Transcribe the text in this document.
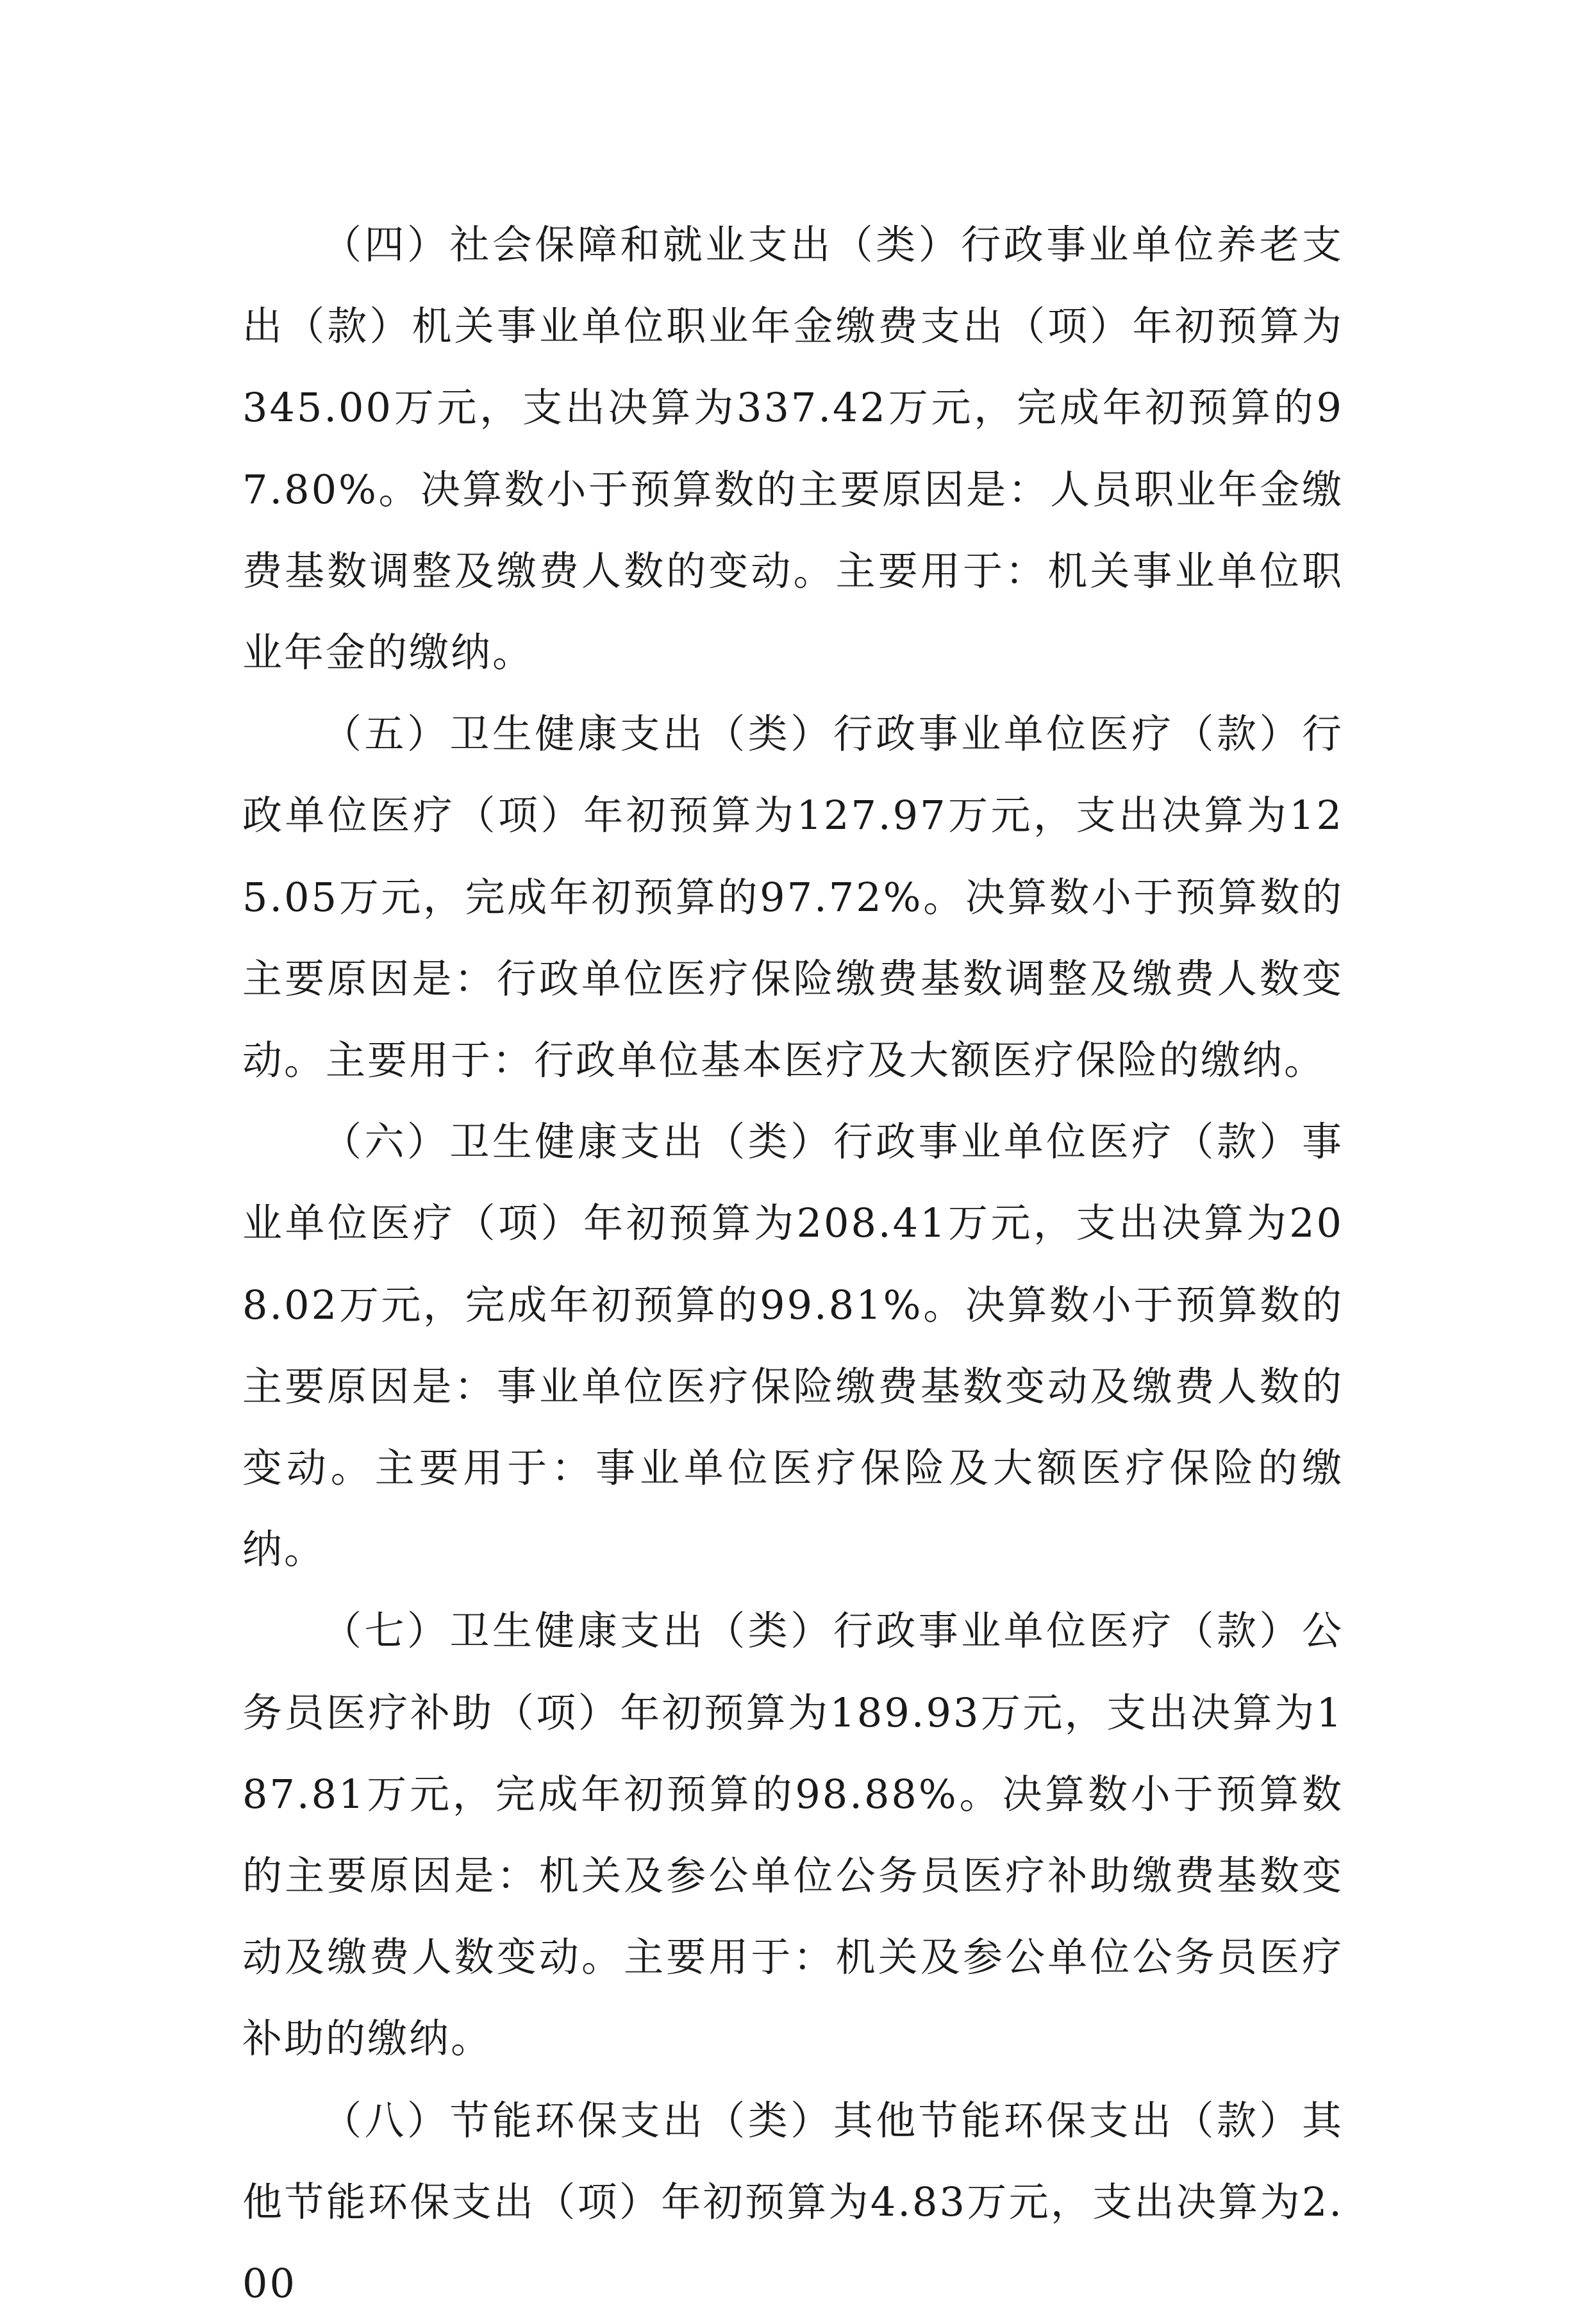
（四）社会保障和就业支出（类）行政事业单位养老支出（款）机关事业单位职业年金缴费支出（项）年初预算为345.00万元，支出决算为337.42万元，完成年初预算的97.80%。决算数小于预算数的主要原因是：人员职业年金缴费基数调整及缴费人数的变动。主要用于：机关事业单位职业年金的缴纳。

（五）卫生健康支出（类）行政事业单位医疗（款）行政单位医疗（项）年初预算为127.97万元，支出决算为125.05万元，完成年初预算的97.72%。决算数小于预算数的主要原因是：行政单位医疗保险缴费基数调整及缴费人数变动。主要用于：行政单位基本医疗及大额医疗保险的缴纳。

（六）卫生健康支出（类）行政事业单位医疗（款）事业单位医疗（项）年初预算为208.41万元，支出决算为208.02万元，完成年初预算的99.81%。决算数小于预算数的主要原因是：事业单位医疗保险缴费基数变动及缴费人数的变动。主要用于：事业单位医疗保险及大额医疗保险的缴纳。

（七）卫生健康支出（类）行政事业单位医疗（款）公务员医疗补助（项）年初预算为189.93万元，支出决算为187.81万元，完成年初预算的98.88%。决算数小于预算数的主要原因是：机关及参公单位公务员医疗补助缴费基数变动及缴费人数变动。主要用于：机关及参公单位公务员医疗补助的缴纳。

（八）节能环保支出（类）其他节能环保支出（款）其他节能环保支出（项）年初预算为4.83万元，支出决算为2.00
